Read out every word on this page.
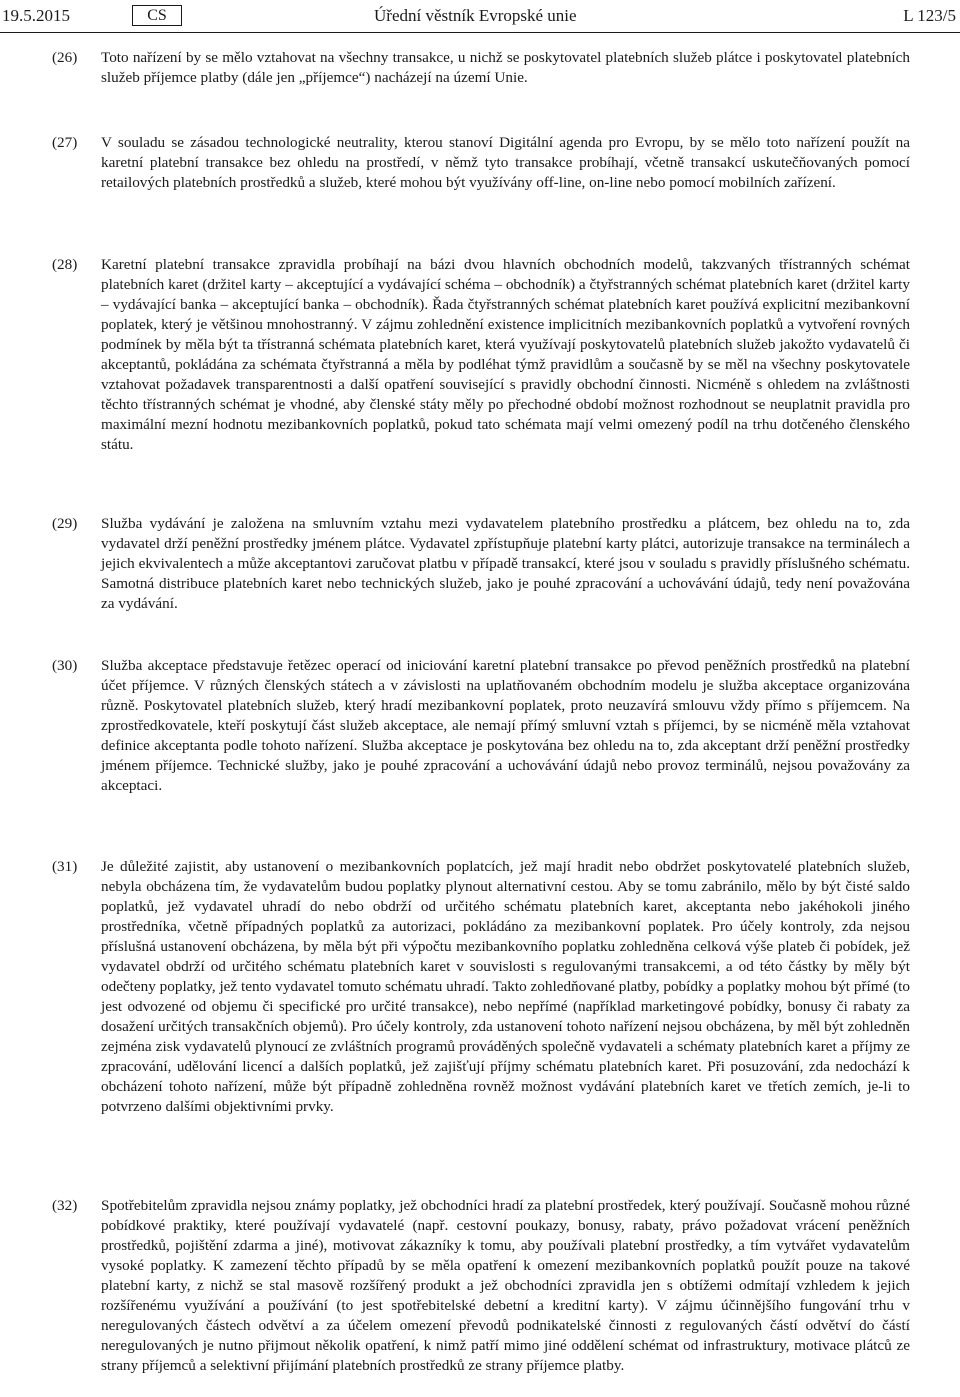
19.5.2015	CS	Úřední věstník Evropské unie	L 123/5
(26) Toto nařízení by se mělo vztahovat na všechny transakce, u nichž se poskytovatel platebních služeb plátce i poskytovatel platebních služeb příjemce platby (dále jen „příjemce“) nacházejí na území Unie.
(27) V souladu se zásadou technologické neutrality, kterou stanoví Digitální agenda pro Evropu, by se mělo toto nařízení použít na karetní platební transakce bez ohledu na prostředí, v němž tyto transakce probíhají, včetně transakcí uskutečňovaných pomocí retailových platebních prostředků a služeb, které mohou být využívány off-line, on-line nebo pomocí mobilních zařízení.
(28) Karetní platební transakce zpravidla probíhají na bázi dvou hlavních obchodních modelů, takzvaných třístranných schémat platebních karet (držitel karty – akceptující a vydávající schéma – obchodník) a čtyřstranných schémat platebních karet (držitel karty – vydávající banka – akceptující banka – obchodník). Řada čtyřstranných schémat platebních karet používá explicitní mezibankovní poplatek, který je většinou mnohostranný. V zájmu zohlednění existence implicitních mezibankovních poplatků a vytvoření rovných podmínek by měla být ta třístranná schémata platebních karet, která využívají poskytovatelů platebních služeb jakožto vydavatelů či akceptantů, pokládána za schémata čtyřstranná a měla by podléhat týmž pravidlům a současně by se měl na všechny poskytovatele vztahovat požadavek transparentnosti a další opatření související s pravidly obchodní činnosti. Nicméně s ohledem na zvláštnosti těchto třístranných schémat je vhodné, aby členské státy měly po přechodné období možnost rozhodnout se neuplatnit pravidla pro maximální mezní hodnotu mezibankovních poplatků, pokud tato schémata mají velmi omezený podíl na trhu dotčeného členského státu.
(29) Služba vydávání je založena na smluvním vztahu mezi vydavatelem platebního prostředku a plátcem, bez ohledu na to, zda vydavatel drží peněžní prostředky jménem plátce. Vydavatel zpřístupňuje platební karty plátci, autorizuje transakce na terminálech a jejich ekvivalentech a může akceptantovi zaručovat platbu v případě transakcí, které jsou v souladu s pravidly příslušného schématu. Samotná distribuce platebních karet nebo technických služeb, jako je pouhé zpracování a uchovávání údajů, tedy není považována za vydávání.
(30) Služba akceptace představuje řetězec operací od iniciování karetní platební transakce po převod peněžních prostředků na platební účet příjemce. V různých členských státech a v závislosti na uplatňovaném obchodním modelu je služba akceptace organizována různě. Poskytovatel platebních služeb, který hradí mezibankovní poplatek, proto neuzavírá smlouvu vždy přímo s příjemcem. Na zprostředkovatele, kteří poskytují část služeb akceptace, ale nemají přímý smluvní vztah s příjemci, by se nicméně měla vztahovat definice akceptanta podle tohoto nařízení. Služba akceptace je poskytována bez ohledu na to, zda akceptant drží peněžní prostředky jménem příjemce. Technické služby, jako je pouhé zpracování a uchovávání údajů nebo provoz terminálů, nejsou považovány za akceptaci.
(31) Je důležité zajistit, aby ustanovení o mezibankovních poplatcích, jež mají hradit nebo obdržet poskytovatelé platebních služeb, nebyla obcházena tím, že vydavatelům budou poplatky plynout alternativní cestou. Aby se tomu zabránilo, mělo by být čisté saldo poplatků, jež vydavatel uhradí do nebo obdrží od určitého schématu platebních karet, akceptanta nebo jakéhokoli jiného prostředníka, včetně případných poplatků za autorizaci, pokládáno za mezibankovní poplatek. Pro účely kontroly, zda nejsou příslušná ustanovení obcházena, by měla být při výpočtu mezibankovního poplatku zohledněna celková výše plateb či pobídek, jež vydavatel obdrží od určitého schématu platebních karet v souvislosti s regulovanými transakcemi, a od této částky by měly být odečteny poplatky, jež tento vydavatel tomuto schématu uhradí. Takto zohledňované platby, pobídky a poplatky mohou být přímé (to jest odvozené od objemu či specifické pro určité transakce), nebo nepřímé (například marketingové pobídky, bonusy či rabaty za dosažení určitých transakčních objemů). Pro účely kontroly, zda ustanovení tohoto nařízení nejsou obcházena, by měl být zohledněn zejména zisk vydavatelů plynoucí ze zvláštních programů prováděných společně vydavateli a schématy platebních karet a příjmy ze zpracování, udělování licencí a dalších poplatků, jež zajišťují příjmy schématu platebních karet. Při posuzování, zda nedochází k obcházení tohoto nařízení, může být případně zohledněna rovněž možnost vydávání platebních karet ve třetích zemích, je-li to potvrzeno dalšími objektivními prvky.
(32) Spotřebitelům zpravidla nejsou známy poplatky, jež obchodníci hradí za platební prostředek, který používají. Současně mohou různé pobídkové praktiky, které používají vydavatelé (např. cestovní poukazy, bonusy, rabaty, právo požadovat vrácení peněžních prostředků, pojištění zdarma a jiné), motivovat zákazníky k tomu, aby používali platební prostředky, a tím vytvářet vydavatelům vysoké poplatky. K zamezení těchto případů by se měla opatření k omezení mezibankovních poplatků použít pouze na takové platební karty, z nichž se stal masově rozšířený produkt a jež obchodníci zpravidla jen s obtížemi odmítají vzhledem k jejich rozšířenému využívání a používání (to jest spotřebitelské debetní a kreditní karty). V zájmu účinnějšího fungování trhu v neregulovaných částech odvětví a za účelem omezení převodů podnikatelské činnosti z regulovaných částí odvětví do částí neregulovaných je nutno přijmout několik opatření, k nimž patří mimo jiné oddělení schémat od infrastruktury, motivace plátců ze strany příjemců a selektivní přijímání platebních prostředků ze strany příjemce platby.
